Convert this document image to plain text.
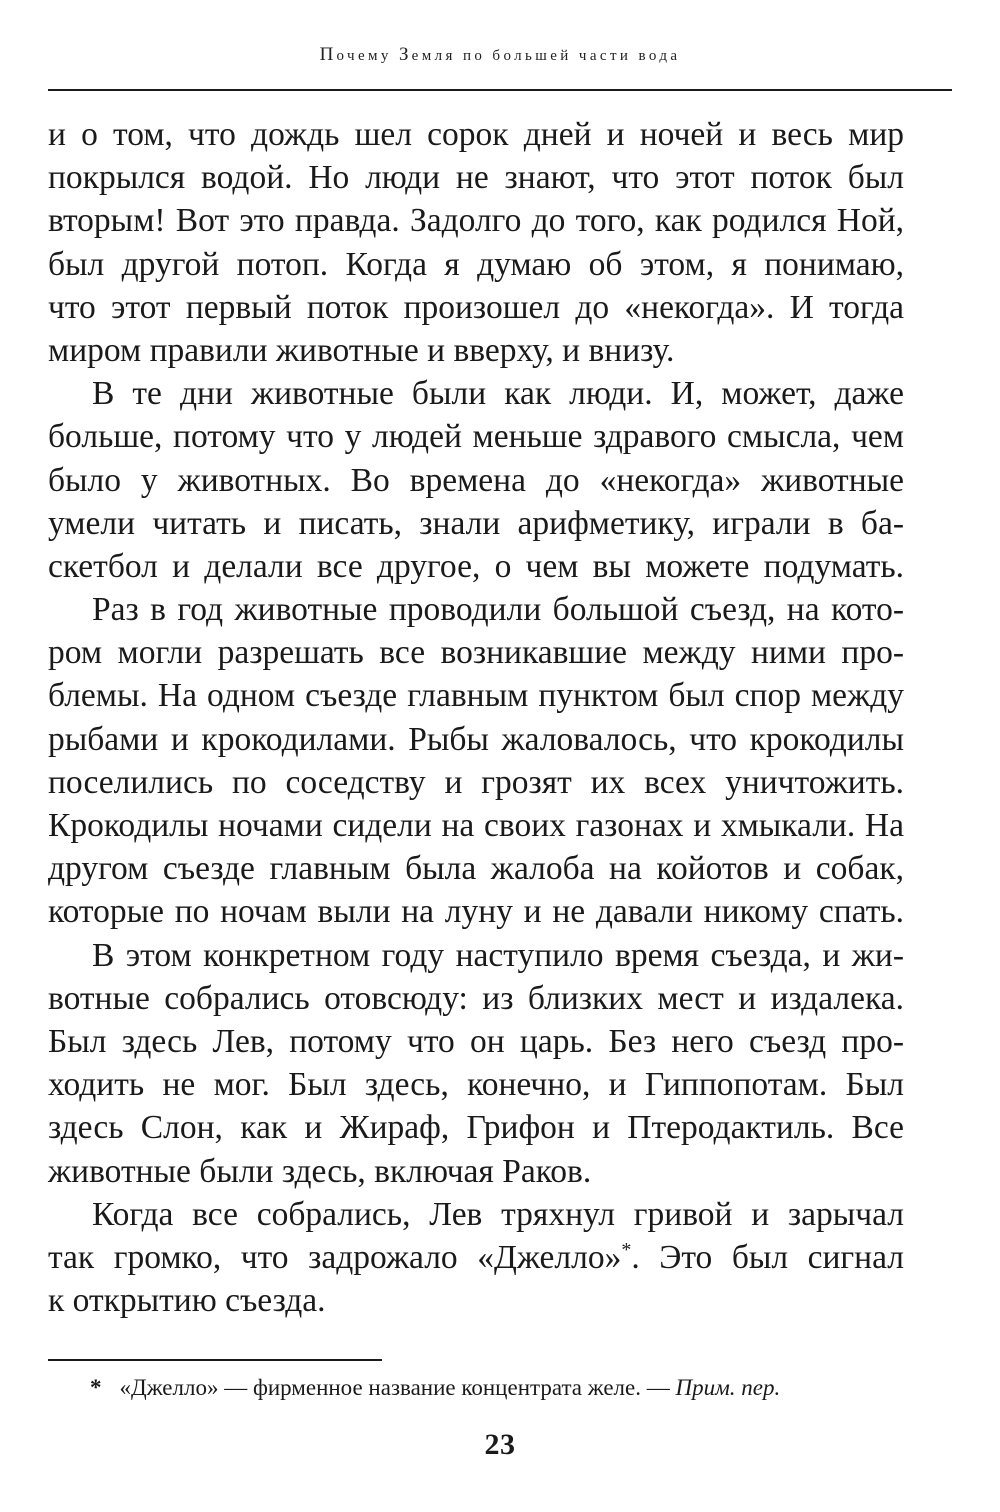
Почему Земля по большей части вода
и о том, что дождь шел сорок дней и ночей и весь мир
покрылся водой. Но люди не знают, что этот поток был
вторым! Вот это правда. Задолго до того, как родился Ной,
был другой потоп. Когда я думаю об этом, я понимаю,
что этот первый поток произошел до «некогда». И тогда
миром правили животные и вверху, и внизу.
В те дни животные были как люди. И, может, даже
больше, потому что у людей меньше здравого смысла, чем
было у животных. Во времена до «некогда» животные
умели читать и писать, знали арифметику, играли в ба-
скетбол и делали все другое, о чем вы можете подумать.
Раз в год животные проводили большой съезд, на кото-
ром могли разрешать все возникавшие между ними про-
блемы. На одном съезде главным пунктом был спор между
рыбами и крокодилами. Рыбы жаловалось, что крокодилы
поселились по соседству и грозят их всех уничтожить.
Крокодилы ночами сидели на своих газонах и хмыкали. На
другом съезде главным была жалоба на койотов и собак,
которые по ночам выли на луну и не давали никому спать.
В этом конкретном году наступило время съезда, и жи-
вотные собрались отовсюду: из близких мест и издалека.
Был здесь Лев, потому что он царь. Без него съезд про-
ходить не мог. Был здесь, конечно, и Гиппопотам. Был
здесь Слон, как и Жираф, Грифон и Птеродактиль. Все
животные были здесь, включая Раков.
Когда все собрались, Лев тряхнул гривой и зарычал
так громко, что задрожало «Джелло»*. Это был сигнал
к открытию съезда.
* «Джелло» — фирменное название концентрата желе. — Прим. пер.
23
